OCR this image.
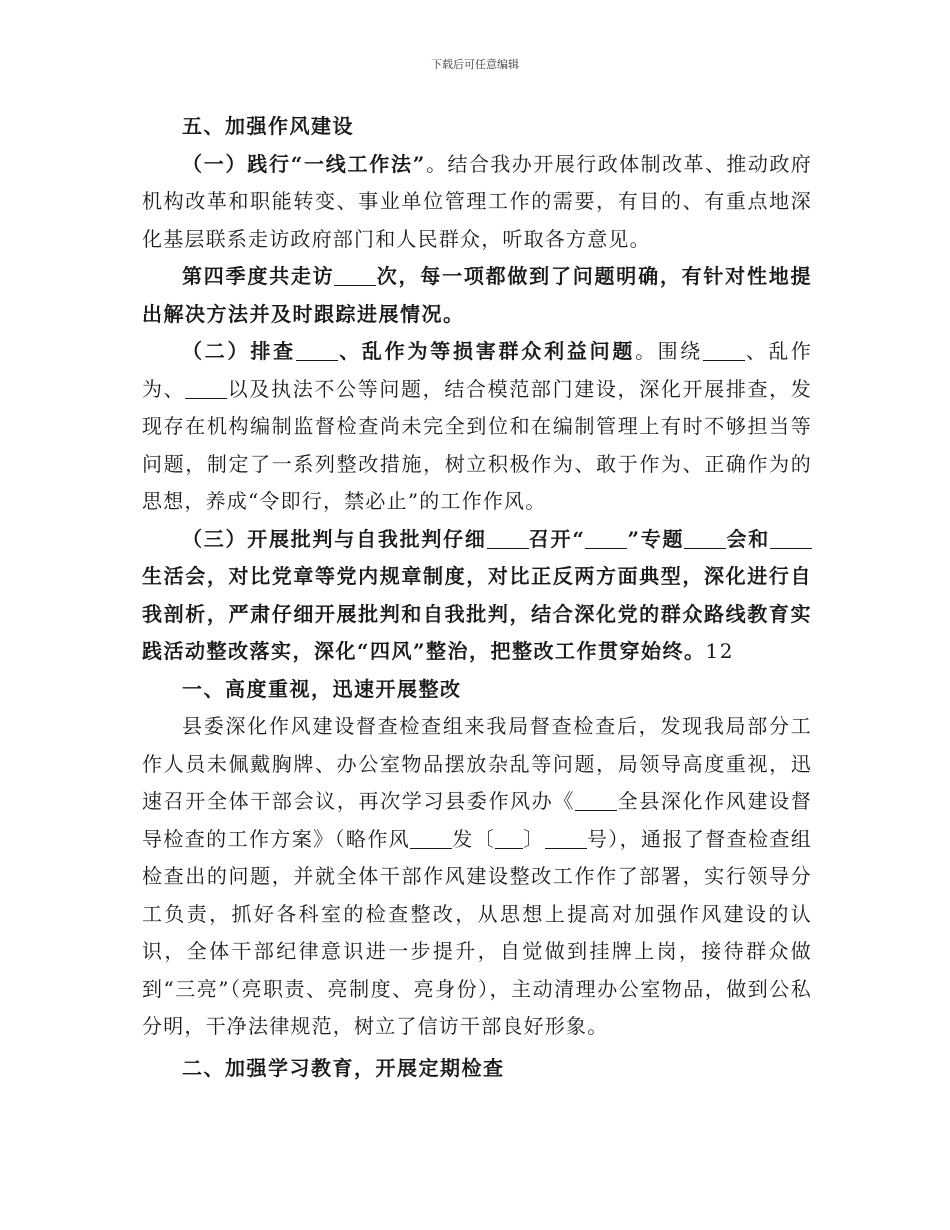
下载后可任意编辑

五、加强作风建设

（一）践行“一线工作法”。结合我办开展行政体制改革、推动政府机构改革和职能转变、事业单位管理工作的需要，有目的、有重点地深化基层联系走访政府部门和人民群众，听取各方意见。

第四季度共走访 次，每一项都做到了问题明确，有针对性地提出解决方法并及时跟踪进展情况。

（二）排查 、乱作为等损害群众利益问题。围绕 、乱作为、 以及执法不公等问题，结合模范部门建设，深化开展排查，发现存在机构编制监督检查尚未完全到位和在编制管理上有时不够担当等问题，制定了一系列整改措施，树立积极作为、敢于作为、正确作为的思想，养成“令即行，禁必止”的工作作风。

（三）开展批判与自我批判仔细 召开“ ”专题 会和生活会，对比党章等党内规章制度，对比正反两方面典型，深化进行自我剖析，严肃仔细开展批判和自我批判，结合深化党的群众路线教育实践活动整改落实，深化“四风”整治，把整改工作贯穿始终。12

一、高度重视，迅速开展整改

县委深化作风建设督查检查组来我局督查检查后，发现我局部分工作人员未佩戴胸牌、办公室物品摆放杂乱等问题，局领导高度重视，迅速召开全体干部会议，再次学习县委作风办《 全县深化作风建设督导检查的工作方案》（略作风 发〔 〕 号），通报了督查检查组检查出的问题，并就全体干部作风建设整改工作作了部署，实行领导分工负责，抓好各科室的检查整改，从思想上提高对加强作风建设的认识，全体干部纪律意识进一步提升，自觉做到挂牌上岗，接待群众做到“三亮”（亮职责、亮制度、亮身份），主动清理办公室物品，做到公私分明，干净法律规范，树立了信访干部良好形象。

二、加强学习教育，开展定期检查
